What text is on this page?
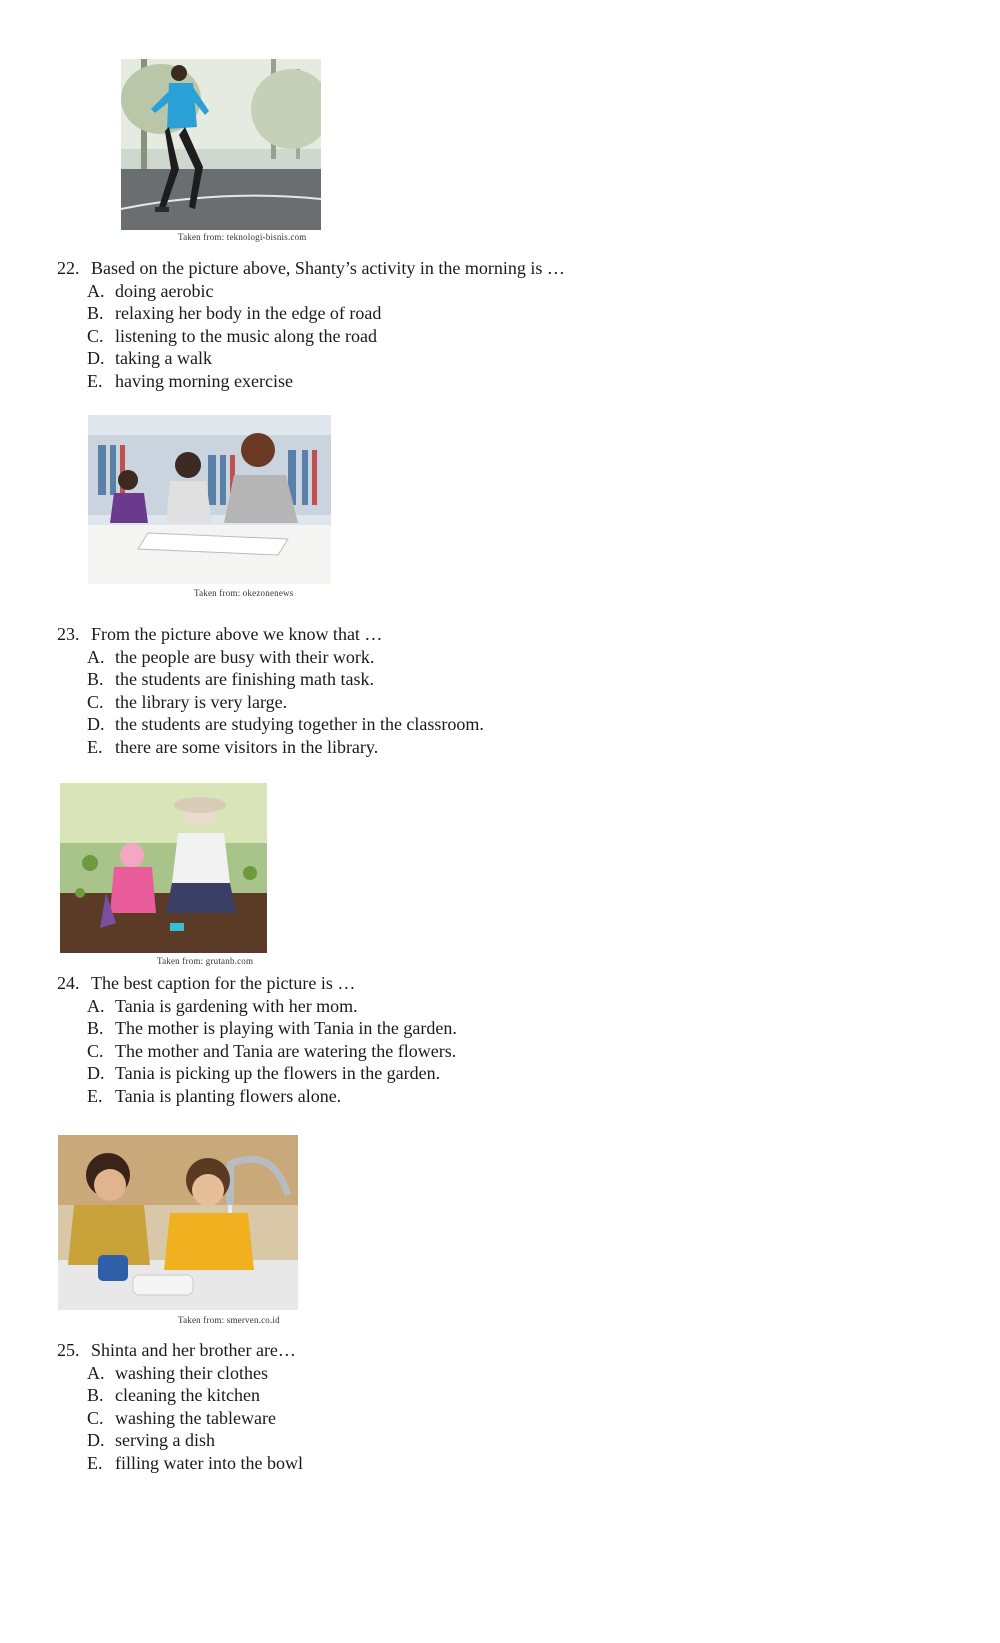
Taken from: teknologi-bisnis.com
22. Based on the picture above, Shanty’s activity in the morning is …
A. doing aerobic
B. relaxing her body in the edge of road
C. listening to the music along the road
D. taking a walk
E. having morning exercise
Taken from: okezonenews
23. From the picture above we know that …
A. the people are busy with their work.
B. the students are finishing math task.
C. the library is very large.
D. the students are studying together in the classroom.
E. there are some visitors in the library.
Taken from: grutanb.com
24. The best caption for the picture is …
A. Tania is gardening with her mom.
B. The mother is playing with Tania in the garden.
C. The mother and Tania are watering the flowers.
D. Tania is picking up the flowers in the garden.
E. Tania is planting flowers alone.
Taken from: smerven.co.id
25. Shinta and her brother are…
A. washing their clothes
B. cleaning the kitchen
C. washing the tableware
D. serving a dish
E. filling water into the bowl
